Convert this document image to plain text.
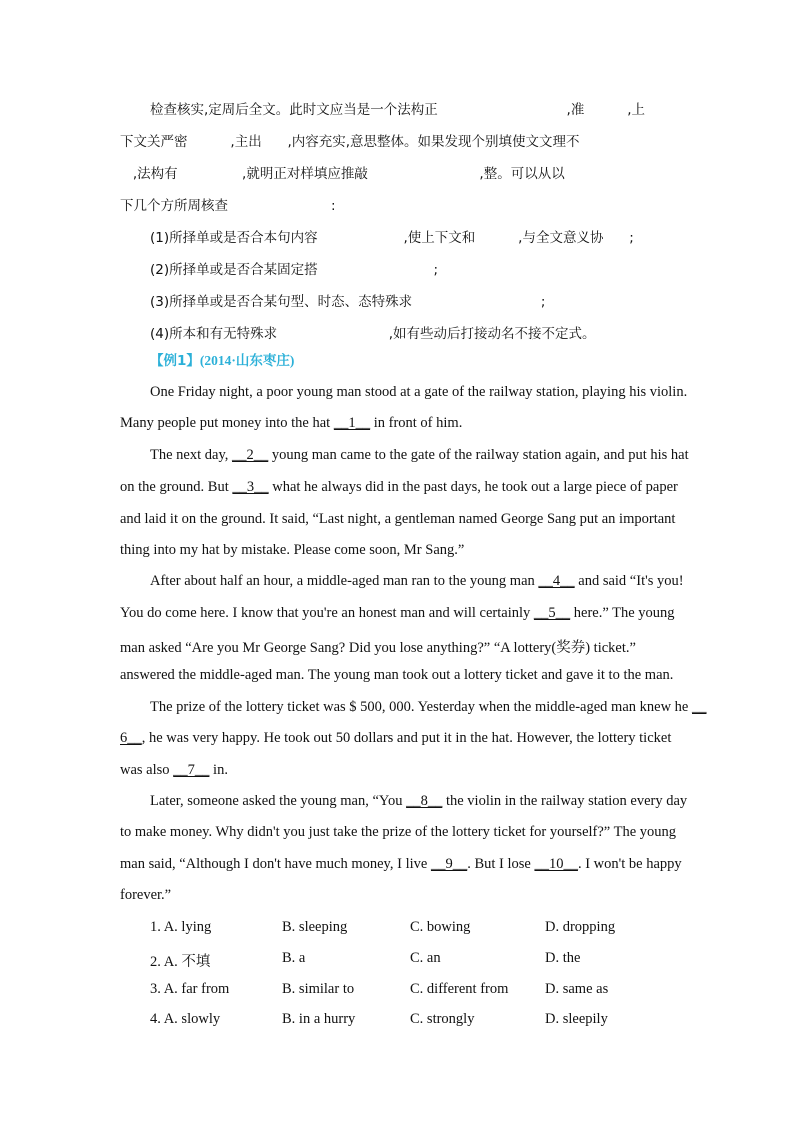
检查核实,定周后全文。此时文应当是一个法构正                              ,准          ,上
下文关严密          ,主出      ,内容充实,意思整体。如果发现个别填使文文理不
,法构有               ,就明正对样填应推敲                          ,整。可以从以
下几个方所周核查                        :
(1)所择单或是否合本句内容                    ,使上下文和          ,与全文意义协      ;
(2)所择单或是否合某固定搭                           ;
(3)所择单或是否合某句型、时态、态特殊求                              ;
(4)所本和有无特殊求                          ,如有些动后打接动名不接不定式。
【例1】(2014·山东枣庄)
One Friday night, a poor young man stood at a gate of the railway station, playing his violin.
Many people put money into the hat __1__ in front of him.
The next day, __2__ young man came to the gate of the railway station again, and put his hat
on the ground. But __3__ what he always did in the past days, he took out a large piece of paper
and laid it on the ground. It said, “Last night, a gentleman named George Sang put an important
thing into my hat by mistake. Please come soon, Mr Sang.”
After about half an hour, a middle-aged man ran to the young man __4__ and said “It's you!
You do come here. I know that you're an honest man and will certainly __5__ here.” The young
man asked “Are you Mr George Sang? Did you lose anything?” “A lottery(奖券) ticket.”
answered the middle-aged man. The young man took out a lottery ticket and gave it to the man.
The prize of the lottery ticket was $ 500, 000. Yesterday when the middle-aged man knew he __
6__, he was very happy. He took out 50 dollars and put it in the hat. However, the lottery ticket
was also __7__ in.
Later, someone asked the young man, “You __8__ the violin in the railway station every day
to make money. Why didn't you just take the prize of the lottery ticket for yourself?” The young
man said, “Although I don't have much money, I live __9__. But I lose __10__. I won't be happy
forever.”
1. A. lying	B. sleeping	C. bowing	D. dropping
2. A. 不填	B. a	C. an	D. the
3. A. far from	B. similar to	C. different from	D. same as
4. A. slowly	B. in a hurry	C. strongly	D. sleepily
